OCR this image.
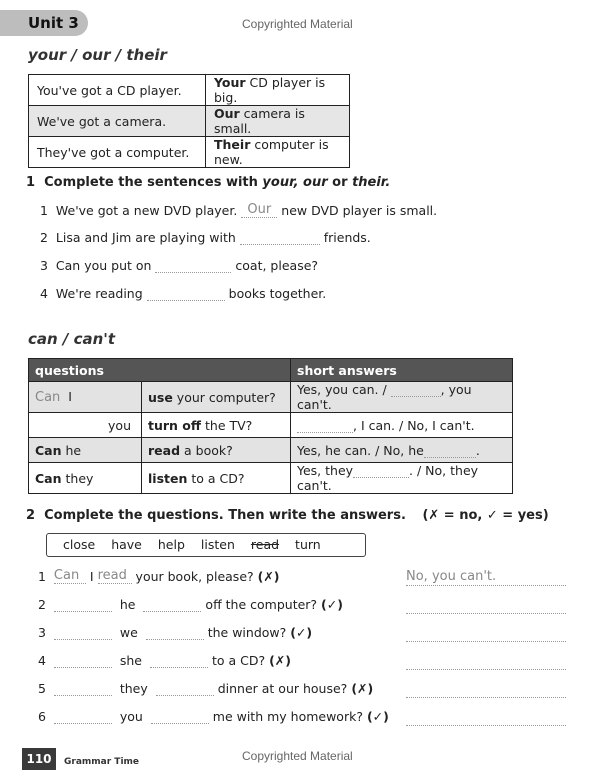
Unit 3	Copyrighted Material
your / our / their
You've got a CD player.	Your CD player is big.
We've got a camera.	Our camera is small.
They've got a computer.	Their computer is new.
1 Complete the sentences with your, our or their.
1 We've got a new DVD player. Our new DVD player is small.
2 Lisa and Jim are playing with	friends.
3 Can you put on	coat, please?
4 We're reading	books together.
can / can't
questions		short answers
Can I	use your computer?	Yes, you can. / , you can't.
you	turn off the TV?	, I can. / No, I can't.
Can he	read a book?	Yes, he can. / No, he .
Can they	listen to a CD?	Yes, they . / No, they can't.
2 Complete the questions. Then write the answers. (✗ = no, ✓ = yes)
close have help listen read turn
1 Can I read your book, please? (✗)	No, you can't.
2	he	off the computer? (✓)
3	we	the window? (✓)
4	she	to a CD? (✗)
5	they	dinner at our house? (✗)
6	you	me with my homework? (✓)
110	Grammar Time	Copyrighted Material
